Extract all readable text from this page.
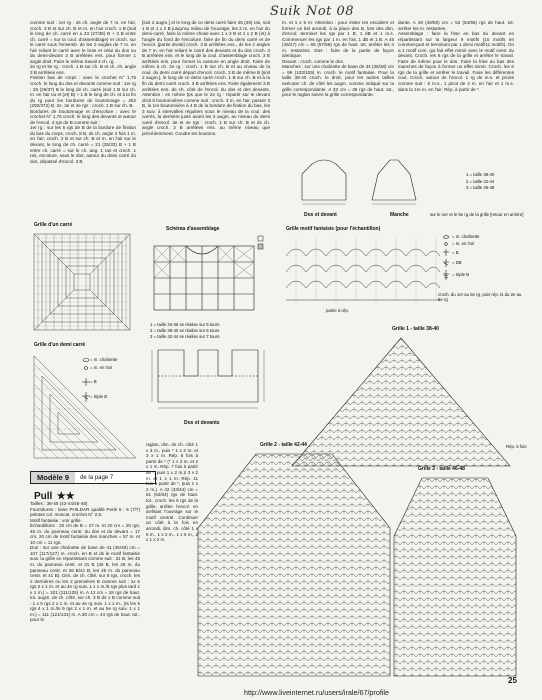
Suik Not 08

comme suit : 1er rg : ds ch. angle de 7 m. en l'air, croch. 3 B et sur ch. B et m. en l'air croch. 1 B (soit le long de ch. carré en a 23 (27/35) B + 3 B entre ch. carré = sur la coul. d'assemblage) et croch. sur le carré sous l'ensemb. de les 2 angles de 7 m. en l'air reliant le carré avec le bras et celui du dos ou du demi-devant 3 B arrêtées ens. pour former 1 angle droit. Faire le même travail 4 ch. rg.

2e rg et 5e rg : croch. 1 B sur ch. B et ch. ch. angle 3 B arrêtées ens.

Finition bas de corps : avec le crochet N° 1,75 croch. le long du dos et devants comme suit : 1er rg : 25 (29/37) B le long de ch. carré (soit 1 B sur ch. m. en l'air ou et (et) B) + 1 B le long de ch. et à la fin du rg pour les bordures de boutonnage = 252 (292/372) B. 2e, 3e et 4e rgs : croch. 1 B sur ch. B.

Bordures de boutonnage et d'encolure : avec le crochet N° 1,75 croch. le long des devants et autour de l'encol. 4 rgs de B comme suit :

1er rg : sur les 5 rgs de B de la bordure de finition du bas du corps, croch. 8 B, ds ch. angle 2 fois 1 m. en l'air, croch. 2 B et sur ch. B et m. en l'air sur le devant, le long de ch. carré = 21 (25/33) B + 1 B entre ch. carré = sur le ch. ang. 1 ras et croch. 1 ras, encolure, sous le dos, autour du demi carré du dos, dépassé d'encol. 3 B

[soit 2 augm.] et le long de ce demi carré faire 25 (29) ras, soit 1 B et 1 x 2 B jusqu'au milieu de l'ouvrage, les 2 m. en l'air du demi-carré, faire la même chose avec 1 x 3 B et 1 x 2 B (et) à l'angle du fond de l'encolure, faire de fin du demi carré et de l'encol. [partie droite] croch. 3 B arrêtées ens., ds les 2 angles de 7 m. en l'air reliant le carré des devants et du dos croch. 3 B arrêtées ens. et le long de la coul. d'assemblage croch. 3 B arrêtées ens. pour former la cassure en angle droit. Faire de même à ch. 2e rg : croch. 1 B sur ch. B et au niveau de la coul. du demi carré départ d'encol. croch. 3 B de même B [soit 2 augm.], le long de ce demi carré croch. 1 B sur ch. B et à la fin du demi carré croch. 3 B arrêtées ens. Faire également 3 B arrêtées ens. de ch. côté de l'encol. du dos et des devants. Attention : en même tps que le 2e rg : répartir sur le devant droit 5 boutonnières comme suit : croch. 3 m. en l'air, passer 3 B, la 1re boutonnière à 4 B de la bordure de finition du bas, les 3 suiv. à intervalles réguliers sous le niveau de la coul. des carrés, la dernière juste avant les 2 augm. au niveau du demi carré d'encol. 3e et 4e rgs : croch. 1 B sur ch. B et ds ch. angle croch. 3 B arrêtées ens. au même niveau que précédemment. Coudre les boutons.

m. et 1 x 5 m. Attention : pour éviter les escaliers et former un bel arrondi, à la place des B, lors des dim. d'encol. terminer les rgs par 1 B, 1 dB et 1 m.s. Commencer les rgs par 1 m. en l'air, 1 dB et 1 B. A 45 (46/47) cm = 65 (67/68) rgs de haut. tot. arrêter les 4 m. restantes. Dos : faire de la partie de façon identique.

Devant : croch. comme le dos.

Manches : sur une chaînette de base de 34 (36/38) cm = 99 (103/109) m. croch. le motif fantaisie. Pour la taille 38-40 croch. le droit, pour les autres tailles exécuter ch. de côté les augm. comme indiqué sur la grille correspondante. A 33 cm = 36 rgs de haut. tot., pour le raglan suivre la grille correspondante.

dante. A 48 (49/50) cm = 53 (54/55) rgs de haut. tot. arrêter les m. restantes.

Assemblage : faire la frise en bas du devant en répartissant sur la largeur 9 motifs (10 motifs en commençant et terminant par 1 demi motif/11 motifs). On a 1 motif com. qui fait effet miroir avec le motif centr. du devant. Croch. les 6 rgs de la grille et arrêter le travail. Faire de même pour le dos. Faire la frise au bas des manches de façon à former un effet miroir. Croch. les 6 rgs de la grille et arrêter le travail. Faire les différentes coul. Croch. autour de l'encol. 1 rg de m.s. et picots comme suit : 6 m.s., 1 picot de 4 m. en l'air et 1 m.s. dans la 1re m. en l'air. Rép. à partir de *.

Grille d'un carré
Grille d'un demi carré
= m. chaînette
= m. en l'air
= B
= triple B
Schéma d'assemblage
1 = taille 34-36 se réalise sur 5 tours
2 = taille 38-40 se réalise sur 6 tours
3 = taille 42-44 se réalise sur 7 tours
Dos et devants
Dos et devant	Manche
1 = taille 38-40
2 = taille 42-44
3 = taille 46-48
sur le 1er et le 5e rg de la grille [retour en arrière]
Grille motif fantaisie (pour l'échantillon)
= m. chaînette
= m. en l'air
= B
= DB
= triple B
partie à rép.
croch. du 1er au 5e rg, puis rép. ts du 2e au 5e rg
Modèle 9	de la page 7
Pull ★★

Tailles : 38-40 (42-44/46-48)

Fournitures : laine PHILDAR qualité Perlé 5 : 6 (7/7) pelotes col. muscat, crochet N° 2,5.

Motif fantaisie : voir grille.

Échantillons : 20 cm de B = 27 m. et 20 cm = 29 rgs, 45 m. du panneau centr. du dos et du devant = 17 cm, 20 cm de motif fantaisie des manches = 57 m. et 10 cm = 11 rgs.

Dos : sur une chaînette de base de 41 (45/49) cm = 107 (117/127) m. croch. en B et ds le motif fantaisie suiv. la grille en répartissant comme suit : 31 B, les 45 m. du panneau centr. et 31 B (36 B, les 45 m. du panneau centr. et 36 B/41 B, les 45 m. du panneau centr. et 41 B). Dim. de ch. côté, sur 6 rgs, croch. les 2 dernières ou les 2 premières B comme suit : 1x 5 rgs 2 x 1 m. et au 4e rg suiv. 1 x 1 m./6 rgs plus tard 1 x 1 m.) = 101 (111/125) m. A 12 cm = 18 rgs de haut. tot. augm. de ch. côté, sur ch. 3 B ds 1 B comme suit : 1 x 5 rgs 2 x 1 m. et au 4e rg suiv. 1 x 1 m., (ts les 5 rgs 4 x 1 m./ts 9 rgs 2 x 1 m. et au 5e rg suiv. 1 x 1 m.) = 111 (121/131) m. A 30 cm = 44 rgs de haut. tot., pour le

raglan, dim. de ch. côté 1 x 3 m., puis * 1 x 2 m. et 3 x 1 m. Rép. 5 fois à partir de * (* 1 x 2 m. et 2 x 1 m. Rép. 7 fois à partir de *, puis 1 x 2 m.)/ 3 x 2 m. et 1 x 1 m. Rép. 11 fois à partir de *, puis 1 x 2 m.). A 42 (43/44) cm = 61 (63/64) rgs de haut. tot., croch. les 5 rgs de la grille, arrêter l'encol. en arrêtant l'ouvrage sur le motif central. Continuer un côté à la fois en arrondi, dim. ch. côté 1 x 6 m., 1 x 2 m., 1 x 6 m., 2 x 1 x 2 m.

Grille 1 - taille 38-40
Rép. 5 fois
Grille 2 - taille 42-44
Grille 3 - taille 46-48
http://www.liveinternet.ru/users/irale/67/profile
25
